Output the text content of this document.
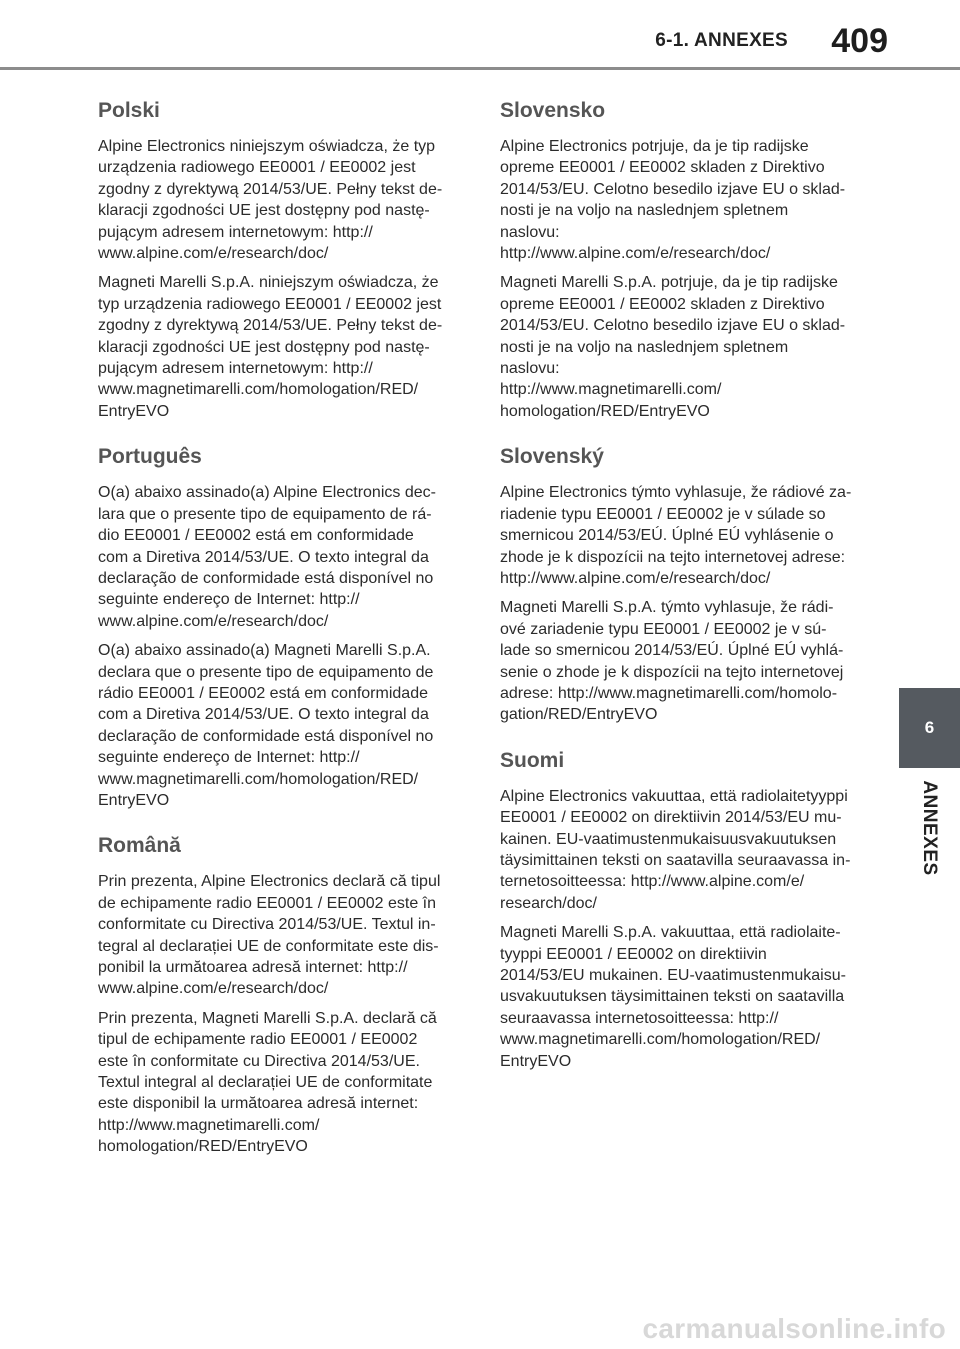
6-1. ANNEXES 409
Polski

Alpine Electronics niniejszym oświadcza, że typ
urządzenia radiowego EE0001 / EE0002 jest
zgodny z dyrektywą 2014/53/UE. Pełny tekst de-
klaracji zgodności UE jest dostępny pod nastę-
pującym adresem internetowym: http://
www.alpine.com/e/research/doc/

Magneti Marelli S.p.A. niniejszym oświadcza, że
typ urządzenia radiowego EE0001 / EE0002 jest
zgodny z dyrektywą 2014/53/UE. Pełny tekst de-
klaracji zgodności UE jest dostępny pod nastę-
pującym adresem internetowym: http://
www.magnetimarelli.com/homologation/RED/
EntryEVO

Português

O(a) abaixo assinado(a) Alpine Electronics dec-
lara que o presente tipo de equipamento de rá-
dio EE0001 / EE0002 está em conformidade
com a Diretiva 2014/53/UE. O texto integral da
declaração de conformidade está disponível no
seguinte endereço de Internet: http://
www.alpine.com/e/research/doc/

O(a) abaixo assinado(a) Magneti Marelli S.p.A.
declara que o presente tipo de equipamento de
rádio EE0001 / EE0002 está em conformidade
com a Diretiva 2014/53/UE. O texto integral da
declaração de conformidade está disponível no
seguinte endereço de Internet: http://
www.magnetimarelli.com/homologation/RED/
EntryEVO

Română

Prin prezenta, Alpine Electronics declară că tipul
de echipamente radio EE0001 / EE0002 este în
conformitate cu Directiva 2014/53/UE. Textul in-
tegral al declarației UE de conformitate este dis-
ponibil la următoarea adresă internet: http://
www.alpine.com/e/research/doc/

Prin prezenta, Magneti Marelli S.p.A. declară că
tipul de echipamente radio EE0001 / EE0002
este în conformitate cu Directiva 2014/53/UE.
Textul integral al declarației UE de conformitate
este disponibil la următoarea adresă internet:
http://www.magnetimarelli.com/
homologation/RED/EntryEVO

Slovensko

Alpine Electronics potrjuje, da je tip radijske
opreme EE0001 / EE0002 skladen z Direktivo
2014/53/EU. Celotno besedilo izjave EU o sklad-
nosti je na voljo na naslednjem spletnem naslovu:
http://www.alpine.com/e/research/doc/

Magneti Marelli S.p.A. potrjuje, da je tip radijske
opreme EE0001 / EE0002 skladen z Direktivo
2014/53/EU. Celotno besedilo izjave EU o sklad-
nosti je na voljo na naslednjem spletnem naslovu:
http://www.magnetimarelli.com/
homologation/RED/EntryEVO

Slovenský

Alpine Electronics týmto vyhlasuje, že rádiové za-
riadenie typu EE0001 / EE0002 je v súlade so
smernicou 2014/53/EÚ. Úplné EÚ vyhlásenie o
zhode je k dispozícii na tejto internetovej adrese:
http://www.alpine.com/e/research/doc/

Magneti Marelli S.p.A. týmto vyhlasuje, že rádi-
ové zariadenie typu EE0001 / EE0002 je v sú-
lade so smernicou 2014/53/EÚ. Úplné EÚ vyhlá-
senie o zhode je k dispozícii na tejto internetovej
adrese: http://www.magnetimarelli.com/homolo-
gation/RED/EntryEVO

Suomi

Alpine Electronics vakuuttaa, että radiolaitetyyppi
EE0001 / EE0002 on direktiivin 2014/53/EU mu-
kainen. EU-vaatimustenmukaisuusvakuutuksen
täysimittainen teksti on saatavilla seuraavassa in-
ternetosoitteessa: http://www.alpine.com/e/
research/doc/

Magneti Marelli S.p.A. vakuuttaa, että radiolaite-
tyyppi EE0001 / EE0002 on direktiivin
2014/53/EU mukainen. EU-vaatimustenmukaisu-
usvakuutuksen täysimittainen teksti on saatavilla
seuraavassa internetosoitteessa: http://
www.magnetimarelli.com/homologation/RED/
EntryEVO

6
ANNEXES
carmanualsonline.info
